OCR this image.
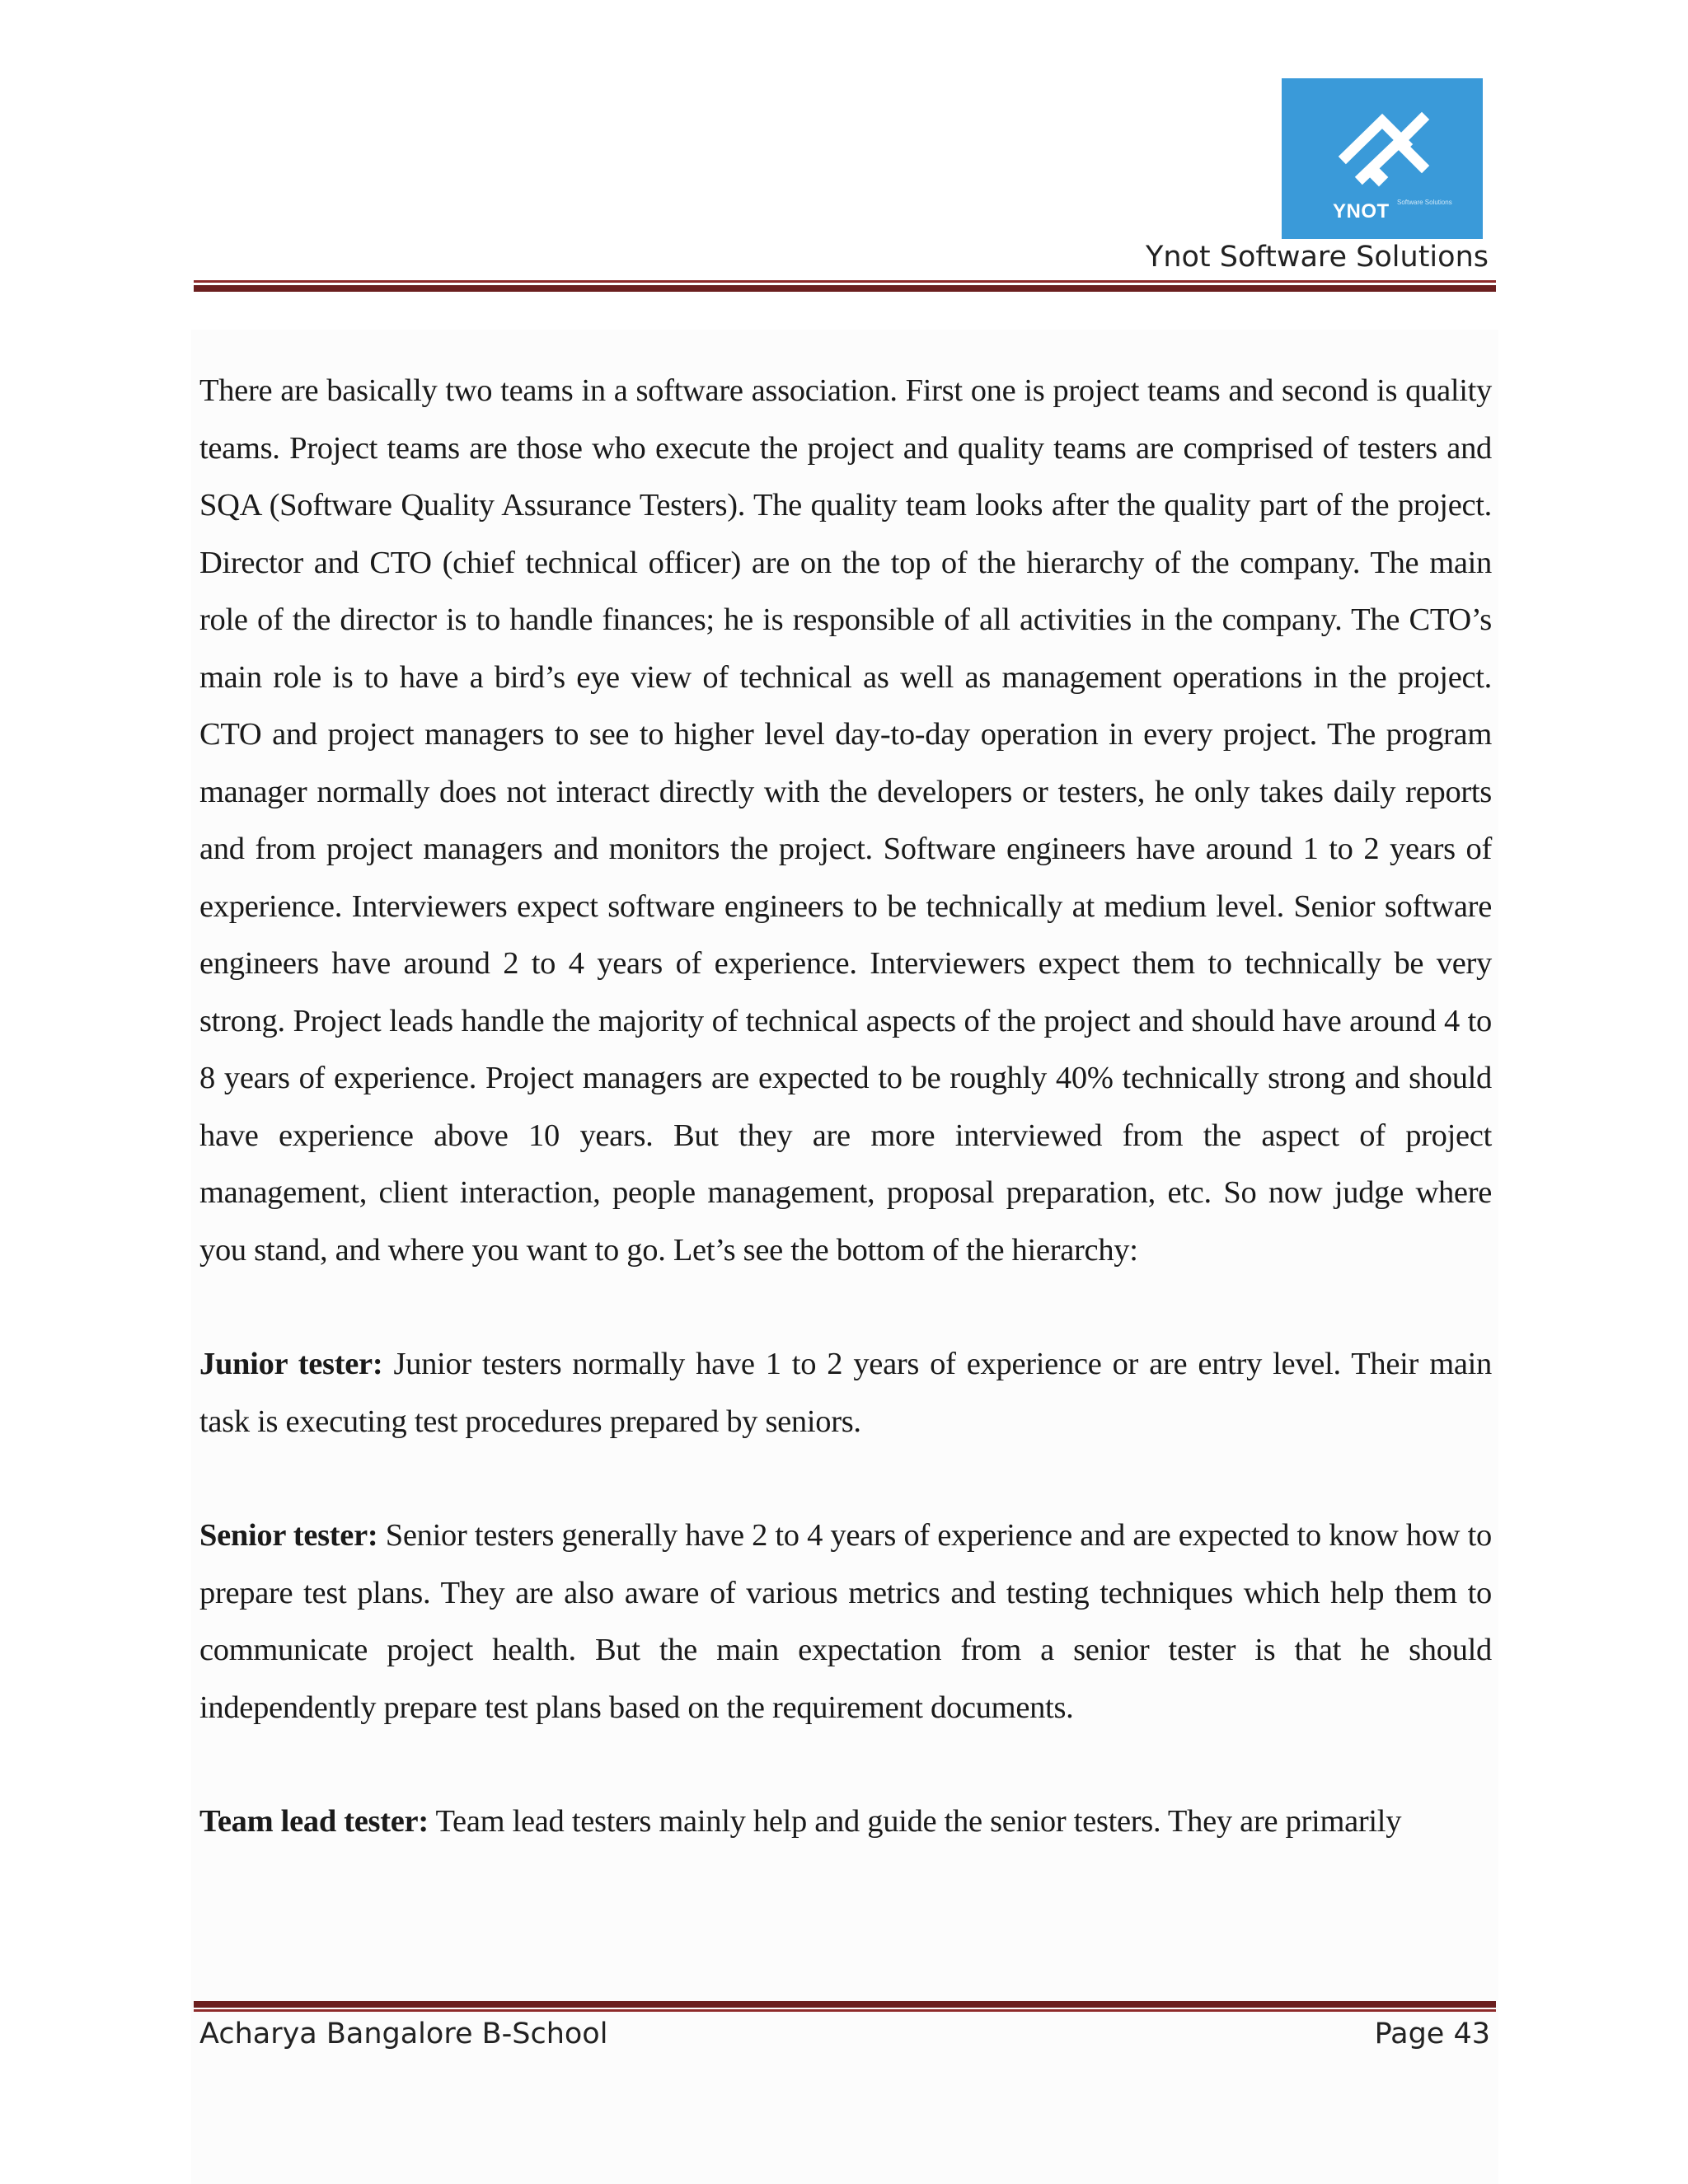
YNOT Software Solutions
Ynot Software Solutions

There are basically two teams in a software association. First one is project teams and second is quality teams. Project teams are those who execute the project and quality teams are comprised of testers and SQA (Software Quality Assurance Testers). The quality team looks after the quality part of the project. Director and CTO (chief technical officer) are on the top of the hierarchy of the company. The main role of the director is to handle finances; he is responsible of all activities in the company. The CTO’s main role is to have a bird’s eye view of technical as well as management operations in the project. CTO and project managers to see to higher level day-to-day operation in every project. The program manager normally does not interact directly with the developers or testers, he only takes daily reports and from project managers and monitors the project. Software engineers have around 1 to 2 years of experience. Interviewers expect software engineers to be technically at medium level. Senior software engineers have around 2 to 4 years of experience. Interviewers expect them to technically be very strong. Project leads handle the majority of technical aspects of the project and should have around 4 to 8 years of experience. Project managers are expected to be roughly 40% technically strong and should have experience above 10 years. But they are more interviewed from the aspect of project management, client interaction, people management, proposal preparation, etc. So now judge where you stand, and where you want to go. Let’s see the bottom of the hierarchy:

Junior tester: Junior testers normally have 1 to 2 years of experience or are entry level. Their main task is executing test procedures prepared by seniors.

Senior tester: Senior testers generally have 2 to 4 years of experience and are expected to know how to prepare test plans. They are also aware of various metrics and testing techniques which help them to communicate project health. But the main expectation from a senior tester is that he should independently prepare test plans based on the requirement documents.

Team lead tester: Team lead testers mainly help and guide the senior testers. They are primarily

Acharya Bangalore B-School	Page 43
